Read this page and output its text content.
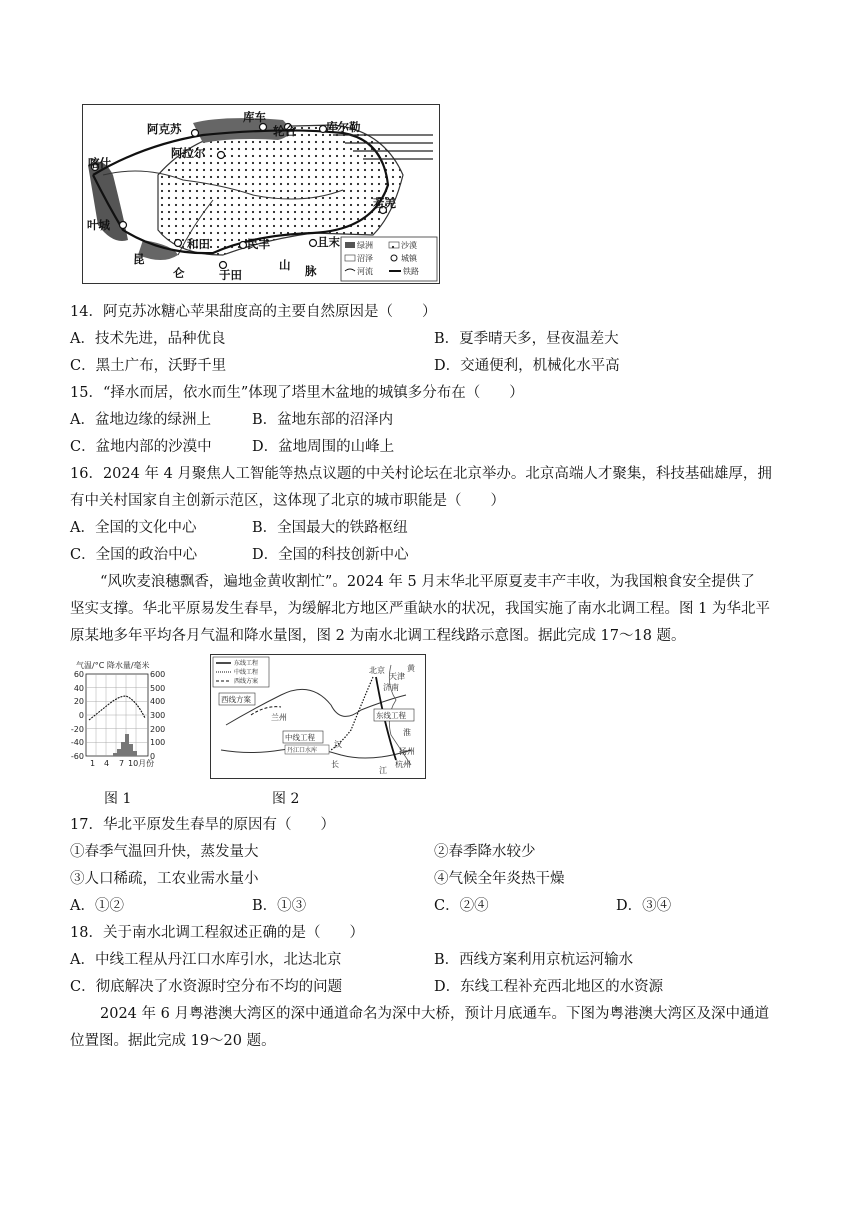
阿克苏
库车
轮台	库尔勒
阿拉尔
喀什
叶城
若羌
和田	民丰	且末
于田
昆
仑
山 脉
绿洲	沙漠
沼泽	城镇
河流	铁路
14．阿克苏冰糖心苹果甜度高的主要自然原因是（　　）
A．技术先进，品种优良	B．夏季晴天多，昼夜温差大
C．黑土广布，沃野千里	D．交通便利，机械化水平高
15．“择水而居，依水而生”体现了塔里木盆地的城镇多分布在（　　）
A．盆地边缘的绿洲上	B．盆地东部的沼泽内
C．盆地内部的沙漠中	D．盆地周围的山峰上
16．2024 年 4 月聚焦人工智能等热点议题的中关村论坛在北京举办。北京高端人才聚集，科技基础雄厚，拥
有中关村国家自主创新示范区，这体现了北京的城市职能是（　　）
A．全国的文化中心	B．全国最大的铁路枢纽
C．全国的政治中心	D．全国的科技创新中心
“风吹麦浪穗飘香，遍地金黄收割忙”。2024 年 5 月末华北平原夏麦丰产丰收，为我国粮食安全提供了
坚实支撑。华北平原易发生春旱，为缓解北方地区严重缺水的状况，我国实施了南水北调工程。图 1 为华北平
原某地多年平均各月气温和降水量图，图 2 为南水北调工程线路示意图。据此完成 17～18 题。
气温/°C 降水量/毫米
60
40
20
0
-20
-40
-60
600
500
400
300
200
100
0
1 4 7 10月份
东线工程
中线工程
西线方案
西线方案
兰州
北京
天津
济南
东线工程
黄
淮
扬州
中线工程
丹江口水库
汉
长
江
杭州
图 1	图 2
17．华北平原发生春旱的原因有（　　）
①春季气温回升快，蒸发量大	②春季降水较少
③人口稀疏，工农业需水量小	④气候全年炎热干燥
A．①②	B．①③	C．②④	D．③④
18．关于南水北调工程叙述正确的是（　　）
A．中线工程从丹江口水库引水，北达北京	B．西线方案利用京杭运河输水
C．彻底解决了水资源时空分布不均的问题	D．东线工程补充西北地区的水资源
2024 年 6 月粤港澳大湾区的深中通道命名为深中大桥，预计月底通车。下图为粤港澳大湾区及深中通道
位置图。据此完成 19～20 题。
